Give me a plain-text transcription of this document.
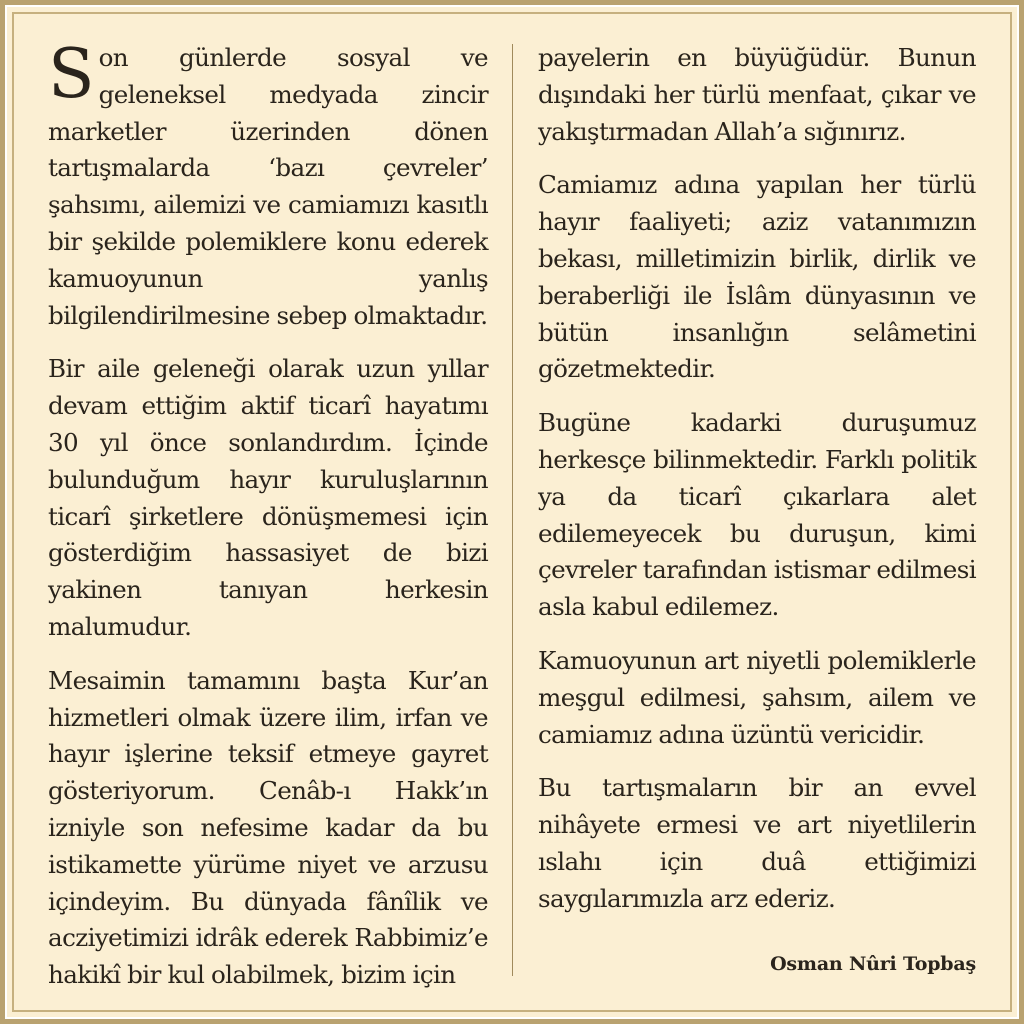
Son günlerde sosyal ve geleneksel medyada zincir marketler üzerinden dönen tartışmalarda ‘bazı çevreler’ şahsımı, ailemizi ve camiamızı kasıtlı bir şekilde polemiklere konu ederek kamuoyunun yanlış bilgilendirilmesine sebep olmaktadır.

Bir aile geleneği olarak uzun yıllar devam ettiğim aktif ticarî hayatımı 30 yıl önce sonlandırdım. İçinde bulunduğum hayır kuruluşlarının ticarî şirketlere dönüşmemesi için gösterdiğim hassasiyet de bizi yakinen tanıyan herkesin malumudur.

Mesaimin tamamını başta Kur’an hizmetleri olmak üzere ilim, irfan ve hayır işlerine teksif etmeye gayret gösteriyorum. Cenâb-ı Hakk’ın izniyle son nefesime kadar da bu istikamette yürüme niyet ve arzusu içindeyim. Bu dünyada fânîlik ve acziyetimizi idrâk ederek Rabbimiz’e hakikî bir kul olabilmek, bizim için

payelerin en büyüğüdür. Bunun dışındaki her türlü menfaat, çıkar ve yakıştırmadan Allah’a sığınırız.

Camiamız adına yapılan her türlü hayır faaliyeti; aziz vatanımızın bekası, milletimizin birlik, dirlik ve beraberliği ile İslâm dünyasının ve bütün insanlığın selâmetini gözetmektedir.

Bugüne kadarki duruşumuz herkesçe bilinmektedir. Farklı politik ya da ticarî çıkarlara alet edilemeyecek bu duruşun, kimi çevreler tarafından istismar edilmesi asla kabul edilemez.

Kamuoyunun art niyetli polemiklerle meşgul edilmesi, şahsım, ailem ve camiamız adına üzüntü vericidir.

Bu tartışmaların bir an evvel nihâyete ermesi ve art niyetlilerin ıslahı için duâ ettiğimizi saygılarımızla arz ederiz.

Osman Nûri Topbaş
